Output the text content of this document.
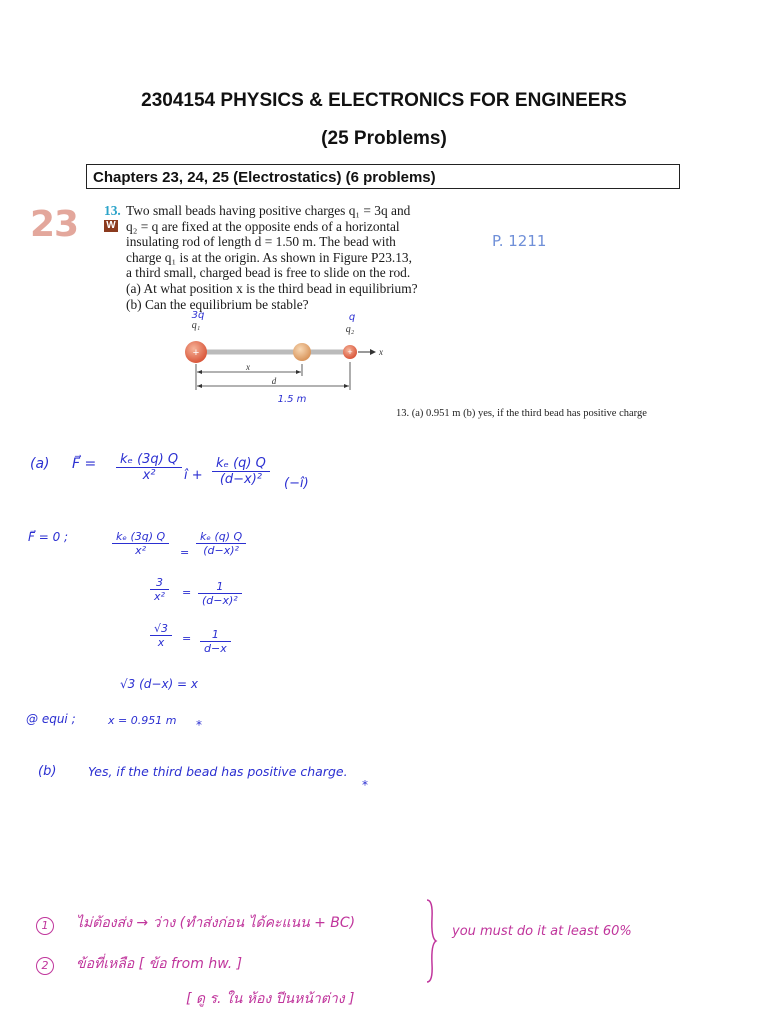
2304154 PHYSICS & ELECTRONICS FOR ENGINEERS
(25 Problems)
Chapters 23, 24, 25 (Electrostatics) (6 problems)
23	P. 1211
13.
W
Two small beads having positive charges q₁ = 3q and
q₂ = q are fixed at the opposite ends of a horizontal
insulating rod of length d = 1.50 m. The bead with
charge q₁ is at the origin. As shown in Figure P23.13,
a third small, charged bead is free to slide on the rod.
(a) At what position x is the third bead in equilibrium?
(b) Can the equilibrium be stable?
x
+	+
q₁	q₂
3q	q
x
d
1.5 m
13. (a) 0.951 m (b) yes, if the third bead has positive charge
(a) F⃗ = $\frac{\text{kₑ (3q) Q}}{\text{x²}}$ î + $\frac{\text{kₑ (q) Q}}{\text{(d−x)²}}$ (−î)
F⃗ = 0 ;	$\frac{\text{kₑ (3q) Q}}{\text{x²}} = \frac{\text{kₑ (q) Q}}{\text{(d−x)²}}$
$\frac{3}{\text{x²}} = \frac{1}{\text{(d−x)²}}$
$\frac{√3}{x} = \frac{1}{d-x}$
√3 (d−x) = x
@ equi ;	x = 0.951 m *
(b)	Yes, if the third bead has positive charge.
*
1	ไม่ต้องส่ง → ว่าง (ทำส่งก่อน ได้คะแนน + BC)
2	ข้อที่เหลือ [ ข้อ from hw. ]
[ ดู ร. ใน ห้อง ปีนหน้าต่าง ]
you must do it at least 60%
